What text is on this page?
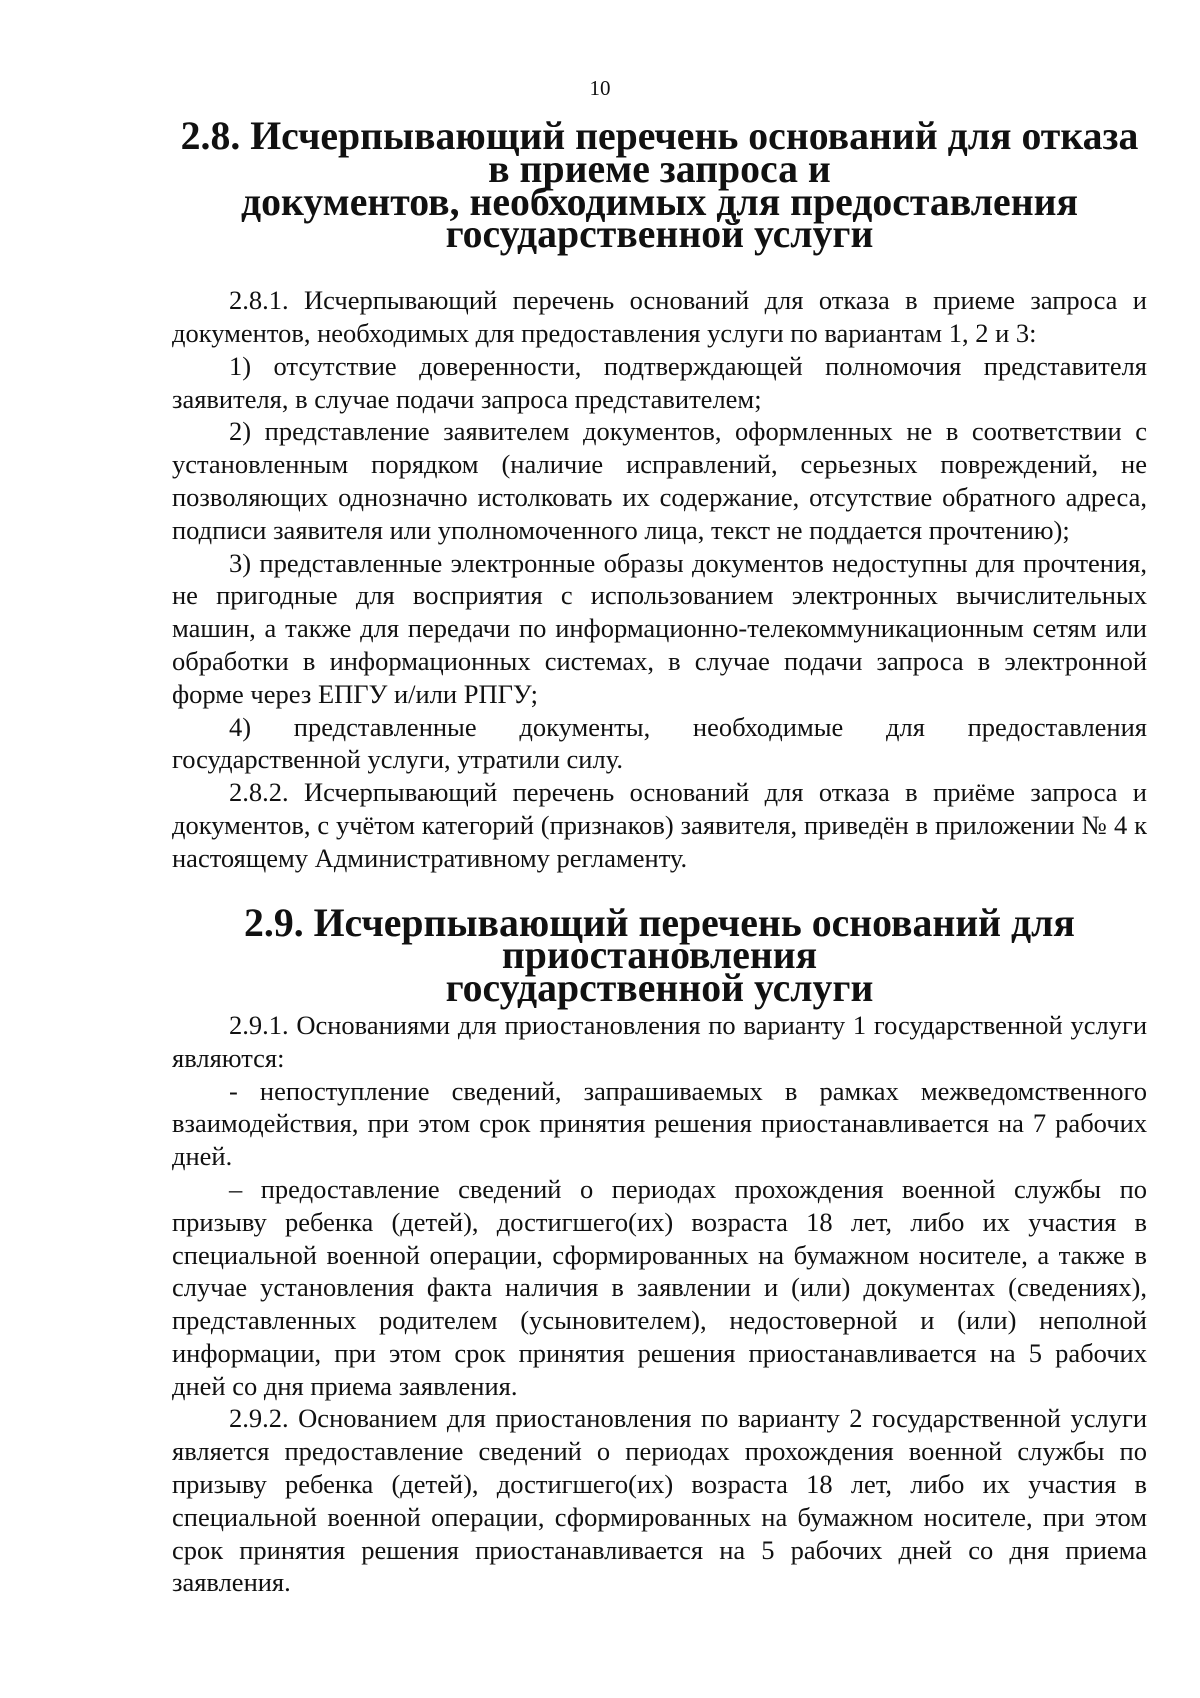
10
2.8. Исчерпывающий перечень оснований для отказа в приеме запроса и
документов, необходимых для предоставления государственной услуги

2.8.1. Исчерпывающий перечень оснований для отказа в приеме запроса и документов, необходимых для предоставления услуги по вариантам 1, 2 и 3:

1) отсутствие доверенности, подтверждающей полномочия представителя заявителя, в случае подачи запроса представителем;

2) представление заявителем документов, оформленных не в соответствии с установленным порядком (наличие исправлений, серьезных повреждений, не позволяющих однозначно истолковать их содержание, отсутствие обратного адреса, подписи заявителя или уполномоченного лица, текст не поддается прочтению);

3) представленные электронные образы документов недоступны для прочтения, не пригодные для восприятия с использованием электронных вычислительных машин, а также для передачи по информационно-телекоммуникационным сетям или обработки в информационных системах, в случае подачи запроса в электронной форме через ЕПГУ и/или РПГУ;

4) представленные документы, необходимые для предоставления государственной услуги, утратили силу.

2.8.2. Исчерпывающий перечень оснований для отказа в приёме запроса и документов, с учётом категорий (признаков) заявителя, приведён в приложении № 4 к настоящему Административному регламенту.

2.9. Исчерпывающий перечень оснований для приостановления
государственной услуги

2.9.1. Основаниями для приостановления по варианту 1 государственной услуги являются:

- непоступление сведений, запрашиваемых в рамках межведомственного взаимодействия, при этом срок принятия решения приостанавливается на 7 рабочих дней.

– предоставление сведений о периодах прохождения военной службы по призыву ребенка (детей), достигшего(их) возраста 18 лет, либо их участия в специальной военной операции, сформированных на бумажном носителе, а также в случае установления факта наличия в заявлении и (или) документах (сведениях), представленных родителем (усыновителем), недостоверной и (или) неполной информации, при этом срок принятия решения приостанавливается на 5 рабочих дней со дня приема заявления.

2.9.2. Основанием для приостановления по варианту 2 государственной услуги является предоставление сведений о периодах прохождения военной службы по призыву ребенка (детей), достигшего(их) возраста 18 лет, либо их участия в специальной военной операции, сформированных на бумажном носителе, при этом срок принятия решения приостанавливается на 5 рабочих дней со дня приема заявления.
